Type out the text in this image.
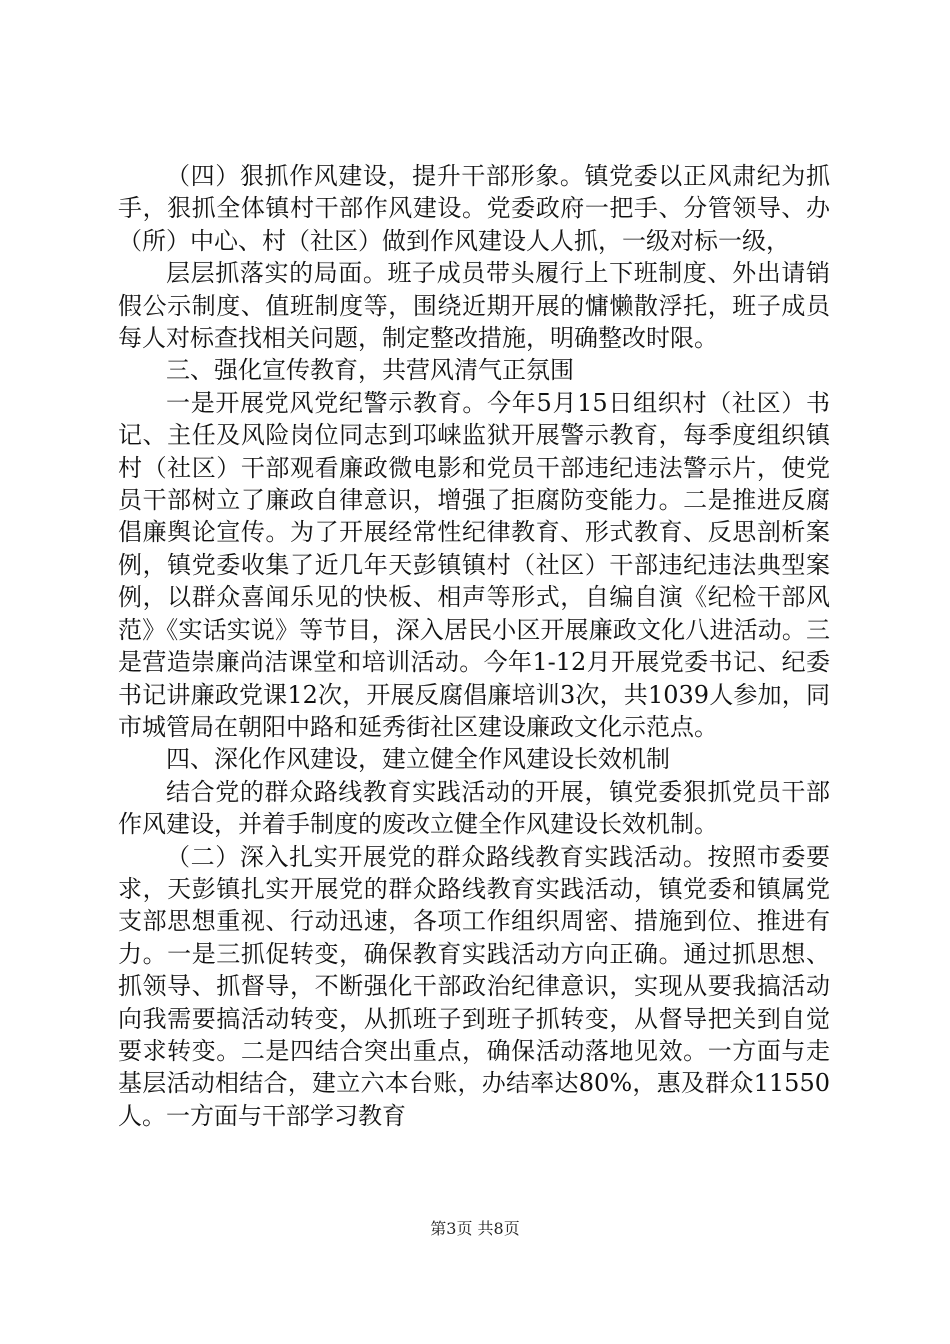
（四）狠抓作风建设，提升干部形象。镇党委以正风肃纪为抓手，狠抓全体镇村干部作风建设。党委政府一把手、分管领导、办（所）中心、村（社区）做到作风建设人人抓，一级对标一级，

层层抓落实的局面。班子成员带头履行上下班制度、外出请销假公示制度、值班制度等，围绕近期开展的慵懒散浮托，班子成员每人对标查找相关问题，制定整改措施，明确整改时限。

三、强化宣传教育，共营风清气正氛围

一是开展党风党纪警示教育。今年5月15日组织村（社区）书记、主任及风险岗位同志到邛崃监狱开展警示教育，每季度组织镇村（社区）干部观看廉政微电影和党员干部违纪违法警示片，使党员干部树立了廉政自律意识，增强了拒腐防变能力。二是推进反腐倡廉舆论宣传。为了开展经常性纪律教育、形式教育、反思剖析案例，镇党委收集了近几年天彭镇镇村（社区）干部违纪违法典型案例，以群众喜闻乐见的快板、相声等形式，自编自演《纪检干部风范》《实话实说》等节目，深入居民小区开展廉政文化八进活动。三是营造崇廉尚洁课堂和培训活动。今年1-12月开展党委书记、纪委书记讲廉政党课12次，开展反腐倡廉培训3次，共1039人参加，同市城管局在朝阳中路和延秀街社区建设廉政文化示范点。

四、深化作风建设，建立健全作风建设长效机制

结合党的群众路线教育实践活动的开展，镇党委狠抓党员干部作风建设，并着手制度的废改立健全作风建设长效机制。

（二）深入扎实开展党的群众路线教育实践活动。按照市委要求，天彭镇扎实开展党的群众路线教育实践活动，镇党委和镇属党支部思想重视、行动迅速，各项工作组织周密、措施到位、推进有力。一是三抓促转变，确保教育实践活动方向正确。通过抓思想、抓领导、抓督导，不断强化干部政治纪律意识，实现从要我搞活动向我需要搞活动转变，从抓班子到班子抓转变，从督导把关到自觉要求转变。二是四结合突出重点，确保活动落地见效。一方面与走基层活动相结合，建立六本台账，办结率达80%，惠及群众11550人。一方面与干部学习教育

第3页 共8页
